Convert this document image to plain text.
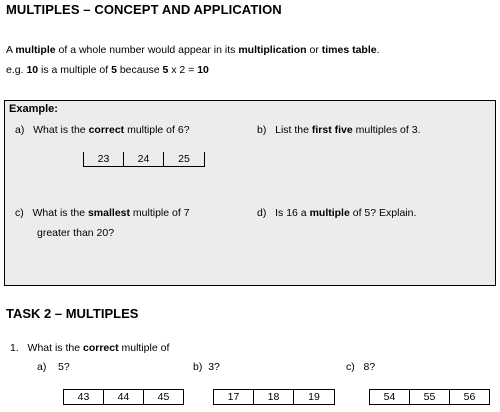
MULTIPLES – CONCEPT AND APPLICATION
A multiple of a whole number would appear in its multiplication or times table.
e.g. 10 is a multiple of 5 because 5 x 2 = 10
Example:
a) What is the correct multiple of 6?
23	24	25
b) List the first five multiples of 3.
c) What is the smallest multiple of 7
greater than 20?
d) Is 16 a multiple of 5? Explain.
TASK 2 – MULTIPLES
1. What is the correct multiple of
a) 5?
43	44	45
b) 3?
17	18	19
c) 8?
54	55	56
